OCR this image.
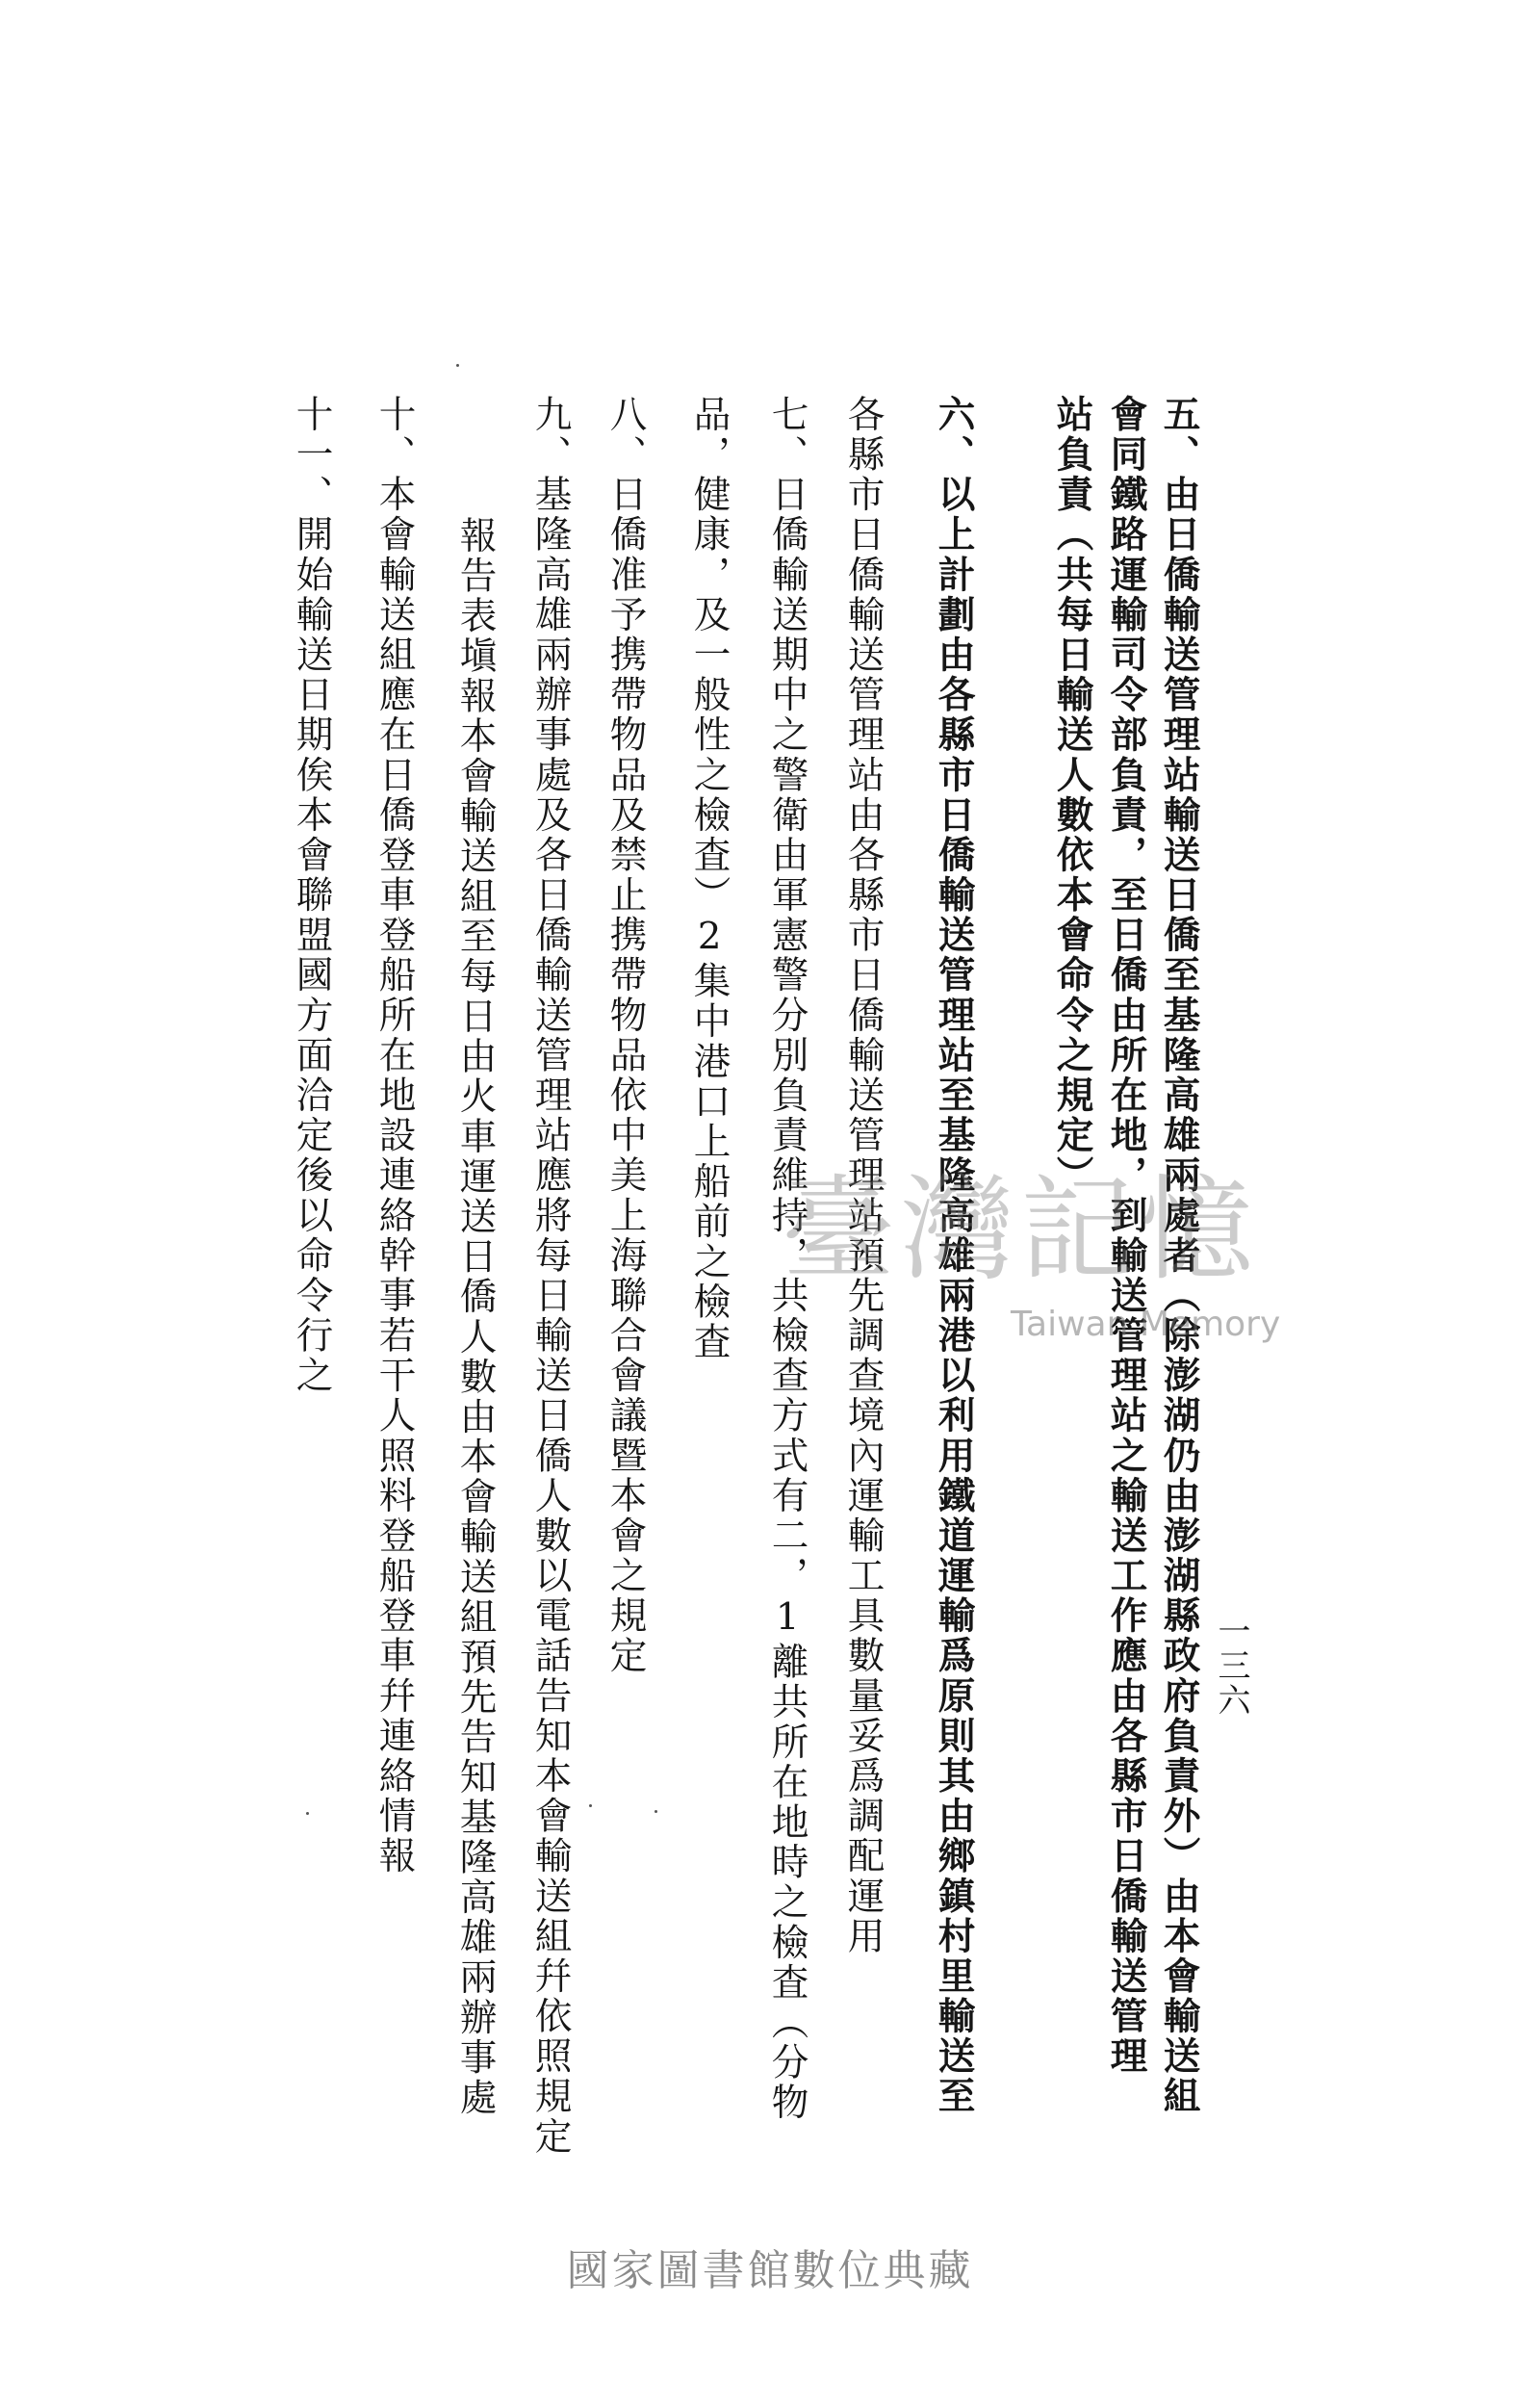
一三六
五、由日僑輸送管理站輸送日僑至基隆高雄兩處者（除澎湖仍由澎湖縣政府負責外）由本會輸送組
會同鐵路運輸司令部負責，至日僑由所在地，到輸送管理站之輸送工作應由各縣市日僑輸送管理
站負責（共每日輸送人數依本會命令之規定）
六、以上計劃由各縣市日僑輸送管理站至基隆高雄兩港以利用鐵道運輸爲原則其由鄉鎮村里輸送至
各縣市日僑輸送管理站由各縣市日僑輸送管理站預先調查境內運輸工具數量妥爲調配運用
七、日僑輸送期中之警衛由軍憲警分別負責維持，共檢查方式有二，1離共所在地時之檢査（分物
品，健康，及一般性之檢査）2集中港口上船前之檢査
八、日僑准予携帶物品及禁止携帶物品依中美上海聯合會議暨本會之規定
九、基隆高雄兩辦事處及各日僑輸送管理站應將每日輸送日僑人數以電話告知本會輸送組幷依照規定
報告表塡報本會輸送組至每日由火車運送日僑人數由本會輸送組預先告知基隆高雄兩辦事處
十、本會輸送組應在日僑登車登船所在地設連絡幹事若干人照料登船登車幷連絡情報
十一、開始輸送日期俟本會聯盟國方面洽定後以命令行之	臺灣記憶
Taiwan Memory
國家圖書館數位典藏
